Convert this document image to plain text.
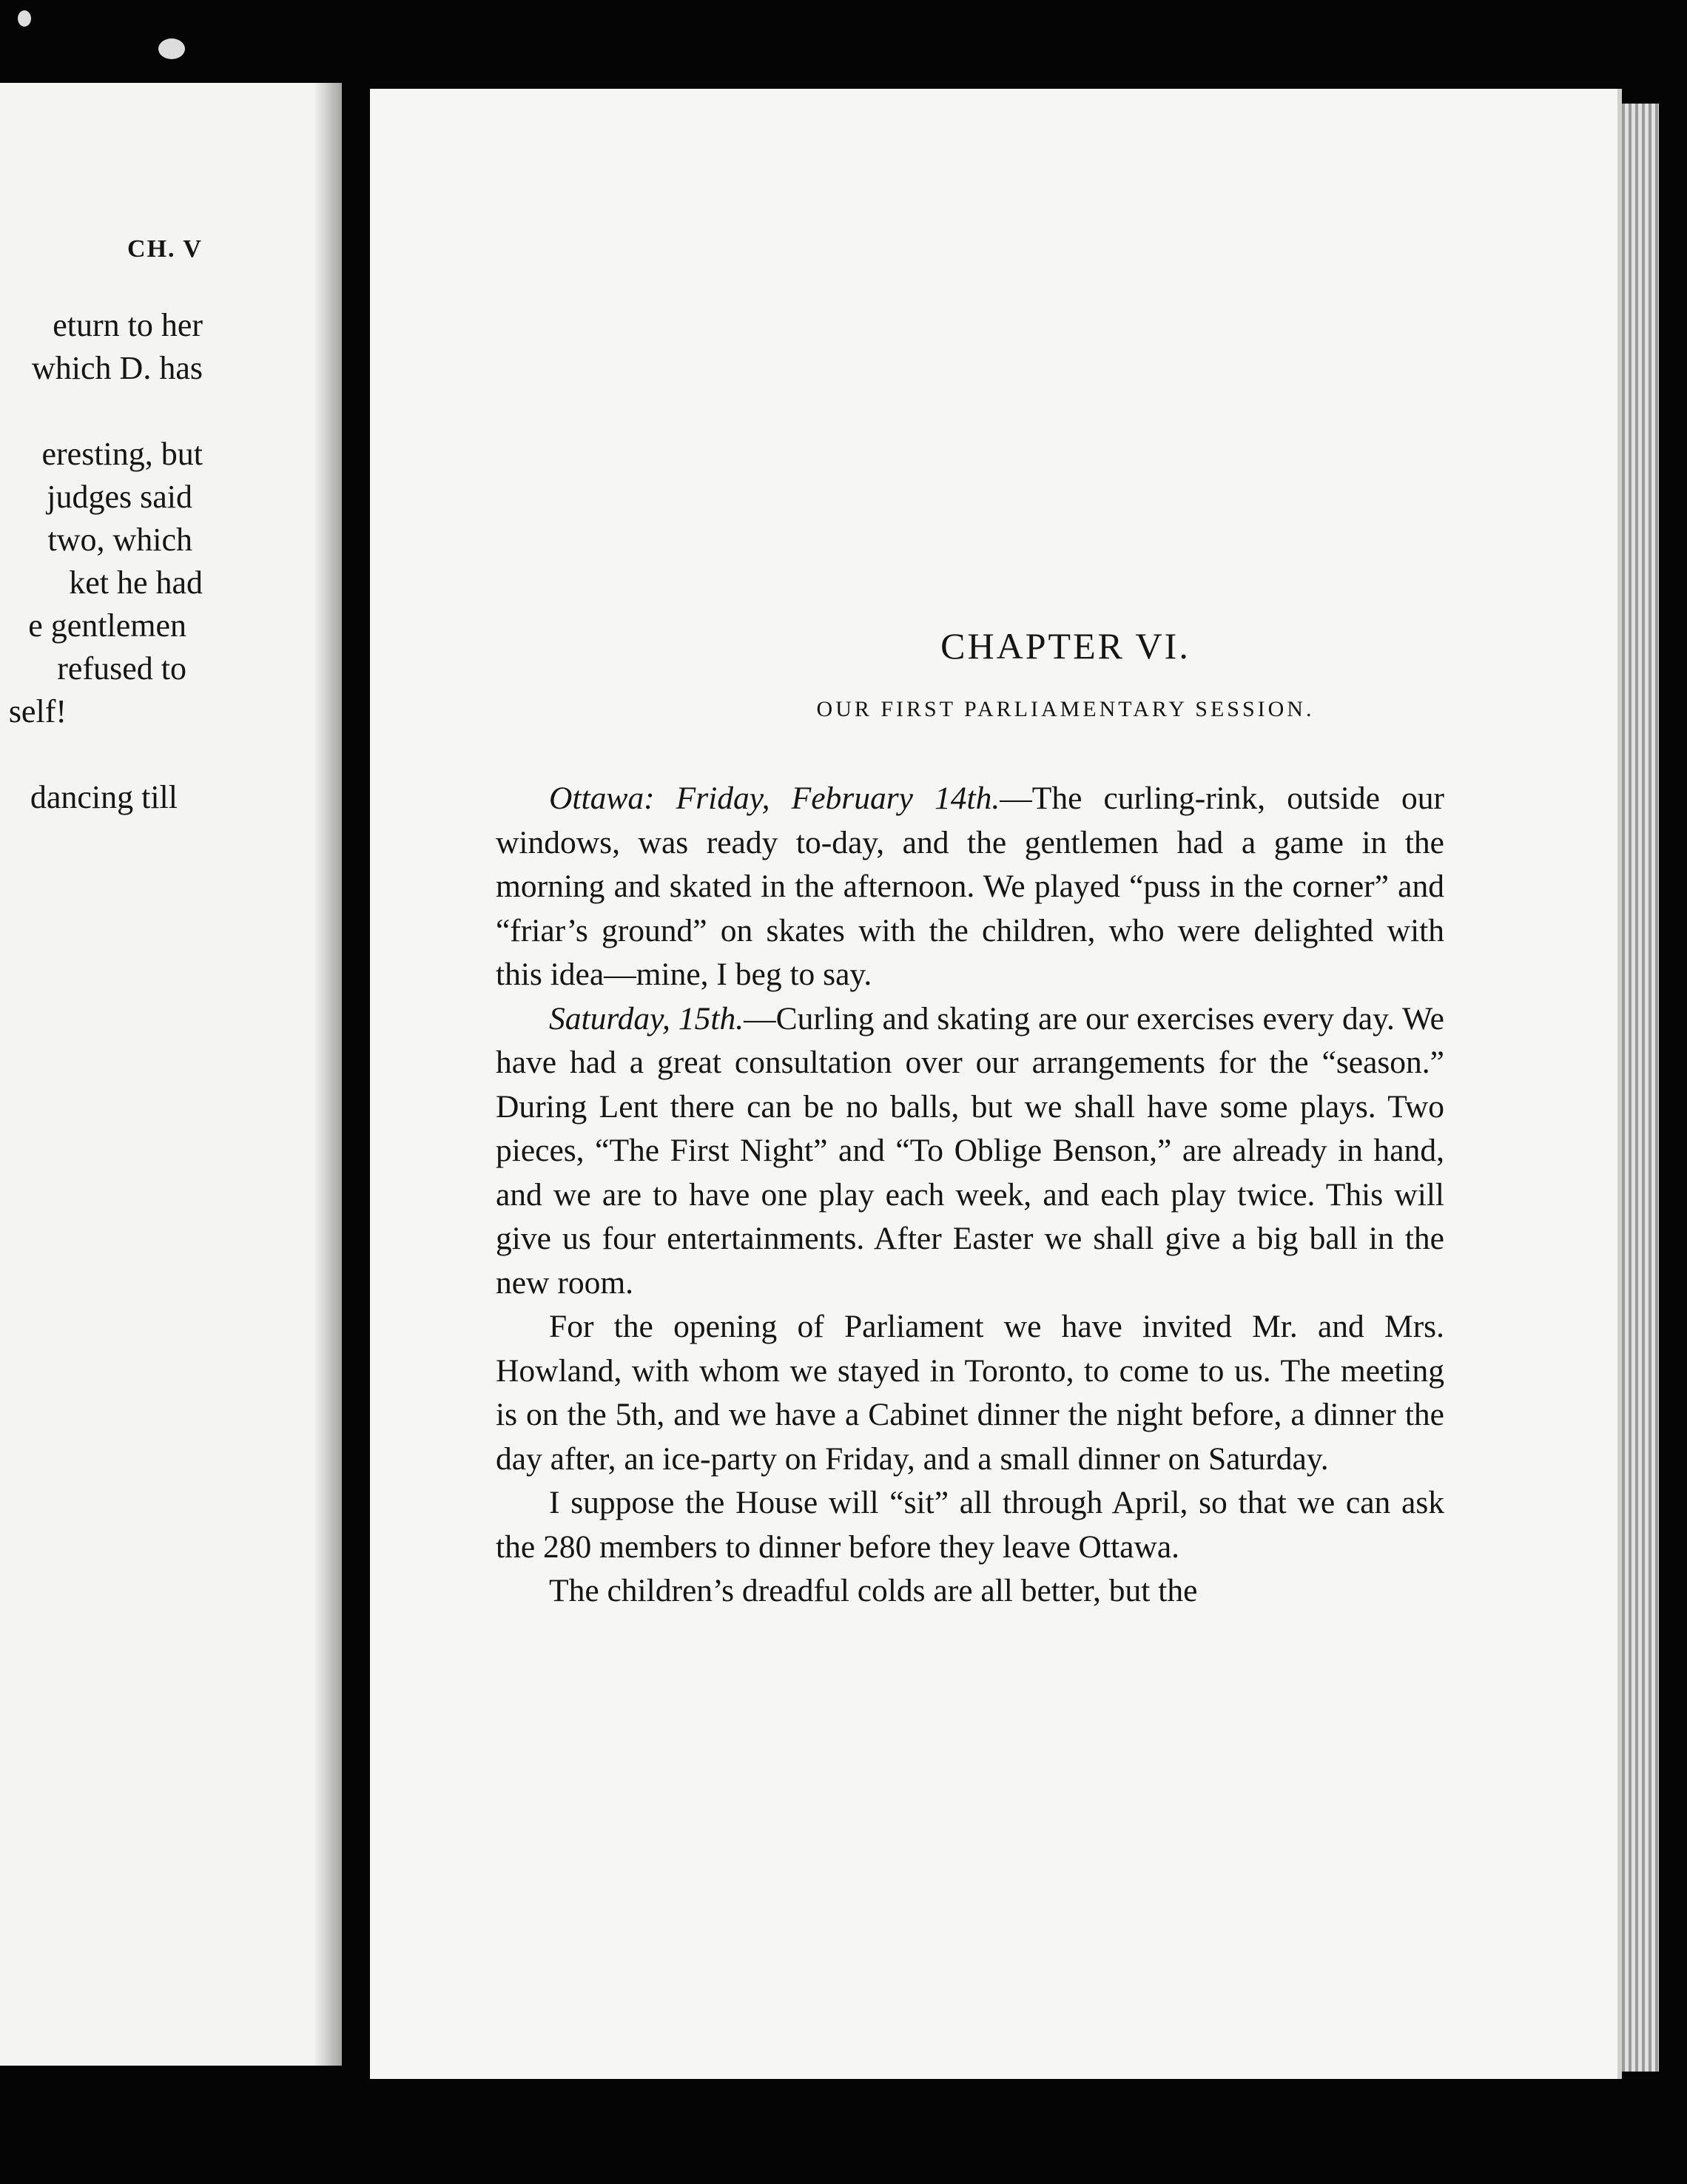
CH. V
eturn to her
which D. has
eresting, but
judges said
two, which
ket he had
e gentlemen
refused to
self!
dancing till
CHAPTER VI.
OUR FIRST PARLIAMENTARY SESSION.

Ottawa: Friday, February 14th.—The curling-rink, outside our windows, was ready to-day, and the gentlemen had a game in the morning and skated in the afternoon. We played “puss in the corner” and “friar’s ground” on skates with the children, who were delighted with this idea—mine, I beg to say.

Saturday, 15th.—Curling and skating are our exercises every day. We have had a great consultation over our arrangements for the “season.” During Lent there can be no balls, but we shall have some plays. Two pieces, “The First Night” and “To Oblige Benson,” are already in hand, and we are to have one play each week, and each play twice. This will give us four entertainments. After Easter we shall give a big ball in the new room.

For the opening of Parliament we have invited Mr. and Mrs. Howland, with whom we stayed in Toronto, to come to us. The meeting is on the 5th, and we have a Cabinet dinner the night before, a dinner the day after, an ice-party on Friday, and a small dinner on Saturday.

I suppose the House will “sit” all through April, so that we can ask the 280 members to dinner before they leave Ottawa.

The children’s dreadful colds are all better, but the
